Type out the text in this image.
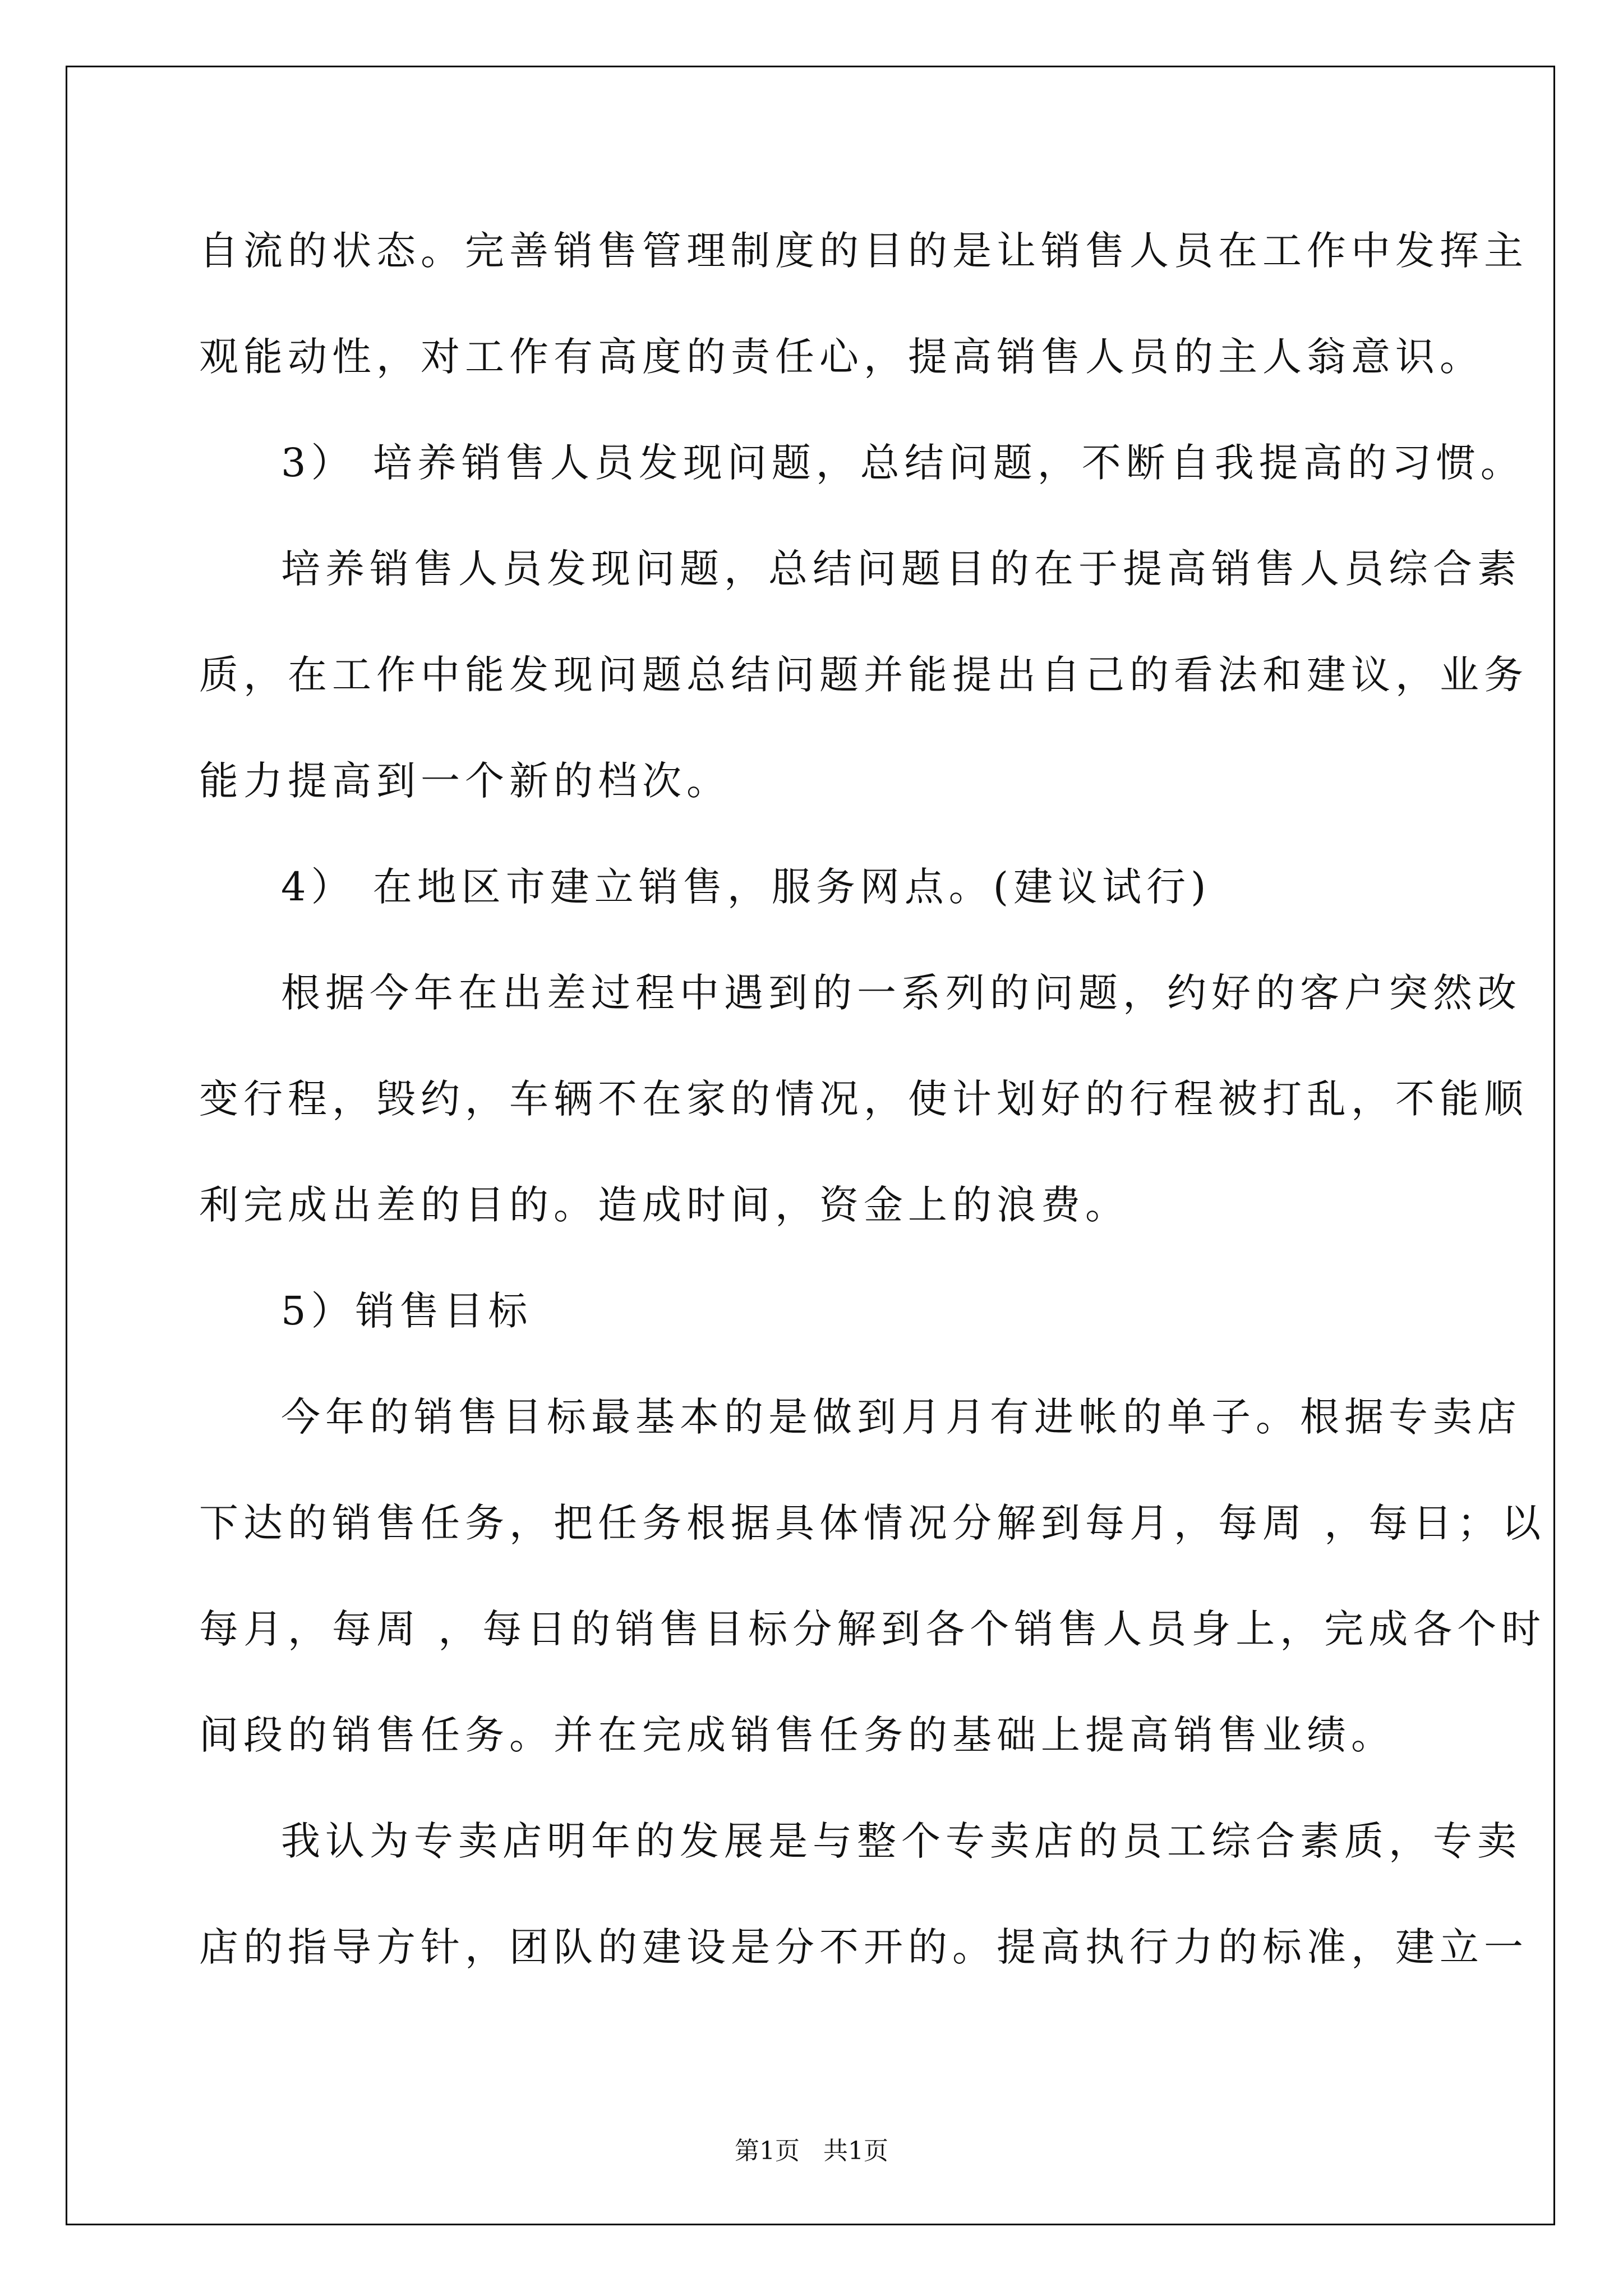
自流的状态。完善销售管理制度的目的是让销售人员在工作中发挥主
观能动性，对工作有高度的责任心，提高销售人员的主人翁意识。
3） 培养销售人员发现问题，总结问题，不断自我提高的习惯。
培养销售人员发现问题，总结问题目的在于提高销售人员综合素
质，在工作中能发现问题总结问题并能提出自己的看法和建议，业务
能力提高到一个新的档次。
4） 在地区市建立销售，服务网点。(建议试行)
根据今年在出差过程中遇到的一系列的问题，约好的客户突然改
变行程，毁约，车辆不在家的情况，使计划好的行程被打乱，不能顺
利完成出差的目的。造成时间，资金上的浪费。
5）销售目标
今年的销售目标最基本的是做到月月有进帐的单子。根据专卖店
下达的销售任务，把任务根据具体情况分解到每月，每周 ，每日；以
每月，每周 ，每日的销售目标分解到各个销售人员身上，完成各个时
间段的销售任务。并在完成销售任务的基础上提高销售业绩。
我认为专卖店明年的发展是与整个专卖店的员工综合素质，专卖
店的指导方针，团队的建设是分不开的。提高执行力的标准，建立一
第1页   共1页
